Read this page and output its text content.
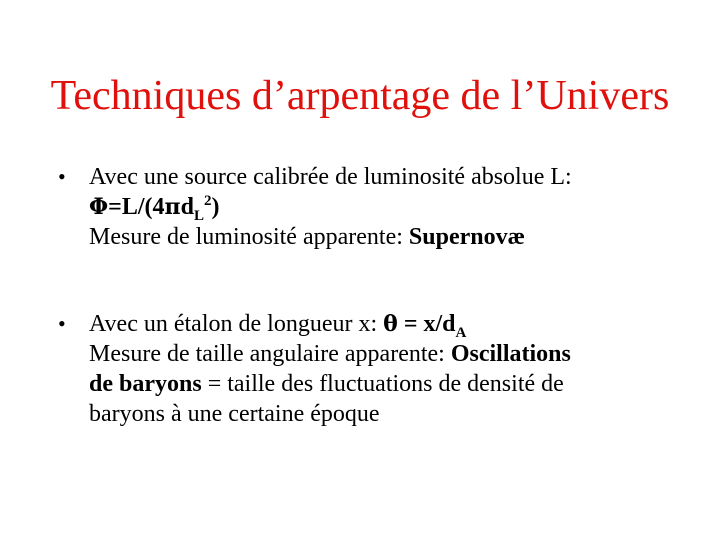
Techniques d’arpentage de l’Univers
• Avec une source calibrée de luminosité absolue L:
$\Phi=L/(4\pi d_L^2)$
Mesure de luminosité apparente: Supernovæ
• Avec un étalon de longueur x: $\theta = x/d_A$
Mesure de taille angulaire apparente: Oscillations
de baryons = taille des fluctuations de densité de
baryons à une certaine époque
